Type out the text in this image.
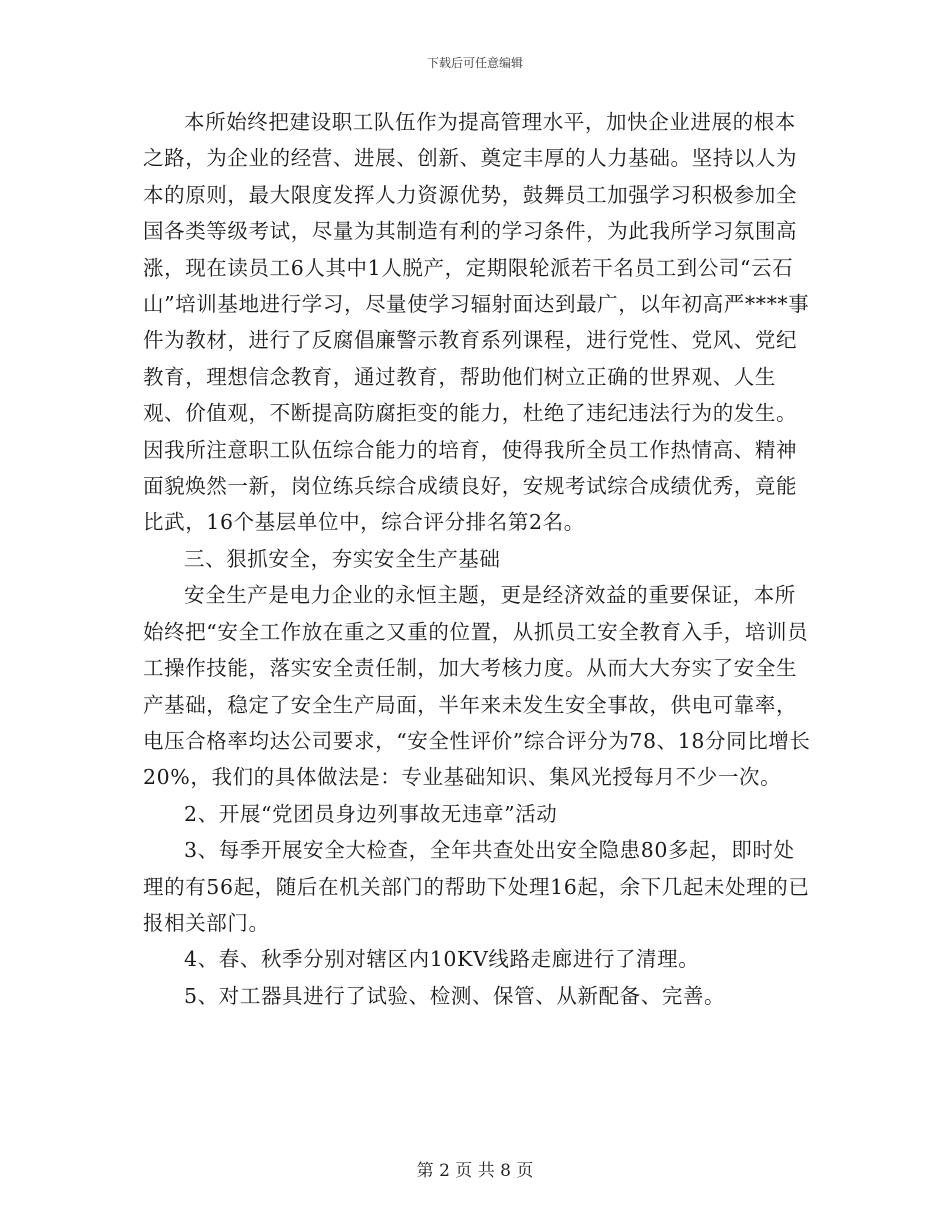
下载后可任意编辑

本所始终把建设职工队伍作为提高管理水平，加快企业进展的根本之路，为企业的经营、进展、创新、奠定丰厚的人力基础。坚持以人为本的原则，最大限度发挥人力资源优势，鼓舞员工加强学习积极参加全国各类等级考试，尽量为其制造有利的学习条件，为此我所学习氛围高涨，现在读员工6人其中1人脱产，定期限轮派若干名员工到公司“云石山”培训基地进行学习，尽量使学习辐射面达到最广，以年初高严****事件为教材，进行了反腐倡廉警示教育系列课程，进行党性、党风、党纪教育，理想信念教育，通过教育，帮助他们树立正确的世界观、人生观、价值观，不断提高防腐拒变的能力，杜绝了违纪违法行为的发生。因我所注意职工队伍综合能力的培育，使得我所全员工作热情高、精神面貌焕然一新，岗位练兵综合成绩良好，安规考试综合成绩优秀，竟能比武，16个基层单位中，综合评分排名第2名。

三、狠抓安全，夯实安全生产基础

安全生产是电力企业的永恒主题，更是经济效益的重要保证，本所始终把“安全工作放在重之又重的位置，从抓员工安全教育入手，培训员工操作技能，落实安全责任制，加大考核力度。从而大大夯实了安全生产基础，稳定了安全生产局面，半年来未发生安全事故，供电可靠率，电压合格率均达公司要求，“安全性评价”综合评分为78、18分同比增长20%，我们的具体做法是：专业基础知识、集风光授每月不少一次。

2、开展“党团员身边列事故无违章”活动

3、每季开展安全大检查，全年共查处出安全隐患80多起，即时处理的有56起，随后在机关部门的帮助下处理16起，余下几起未处理的已报相关部门。

4、春、秋季分别对辖区内10KV线路走廊进行了清理。

5、对工器具进行了试验、检测、保管、从新配备、完善。

第 2 页 共 8 页
